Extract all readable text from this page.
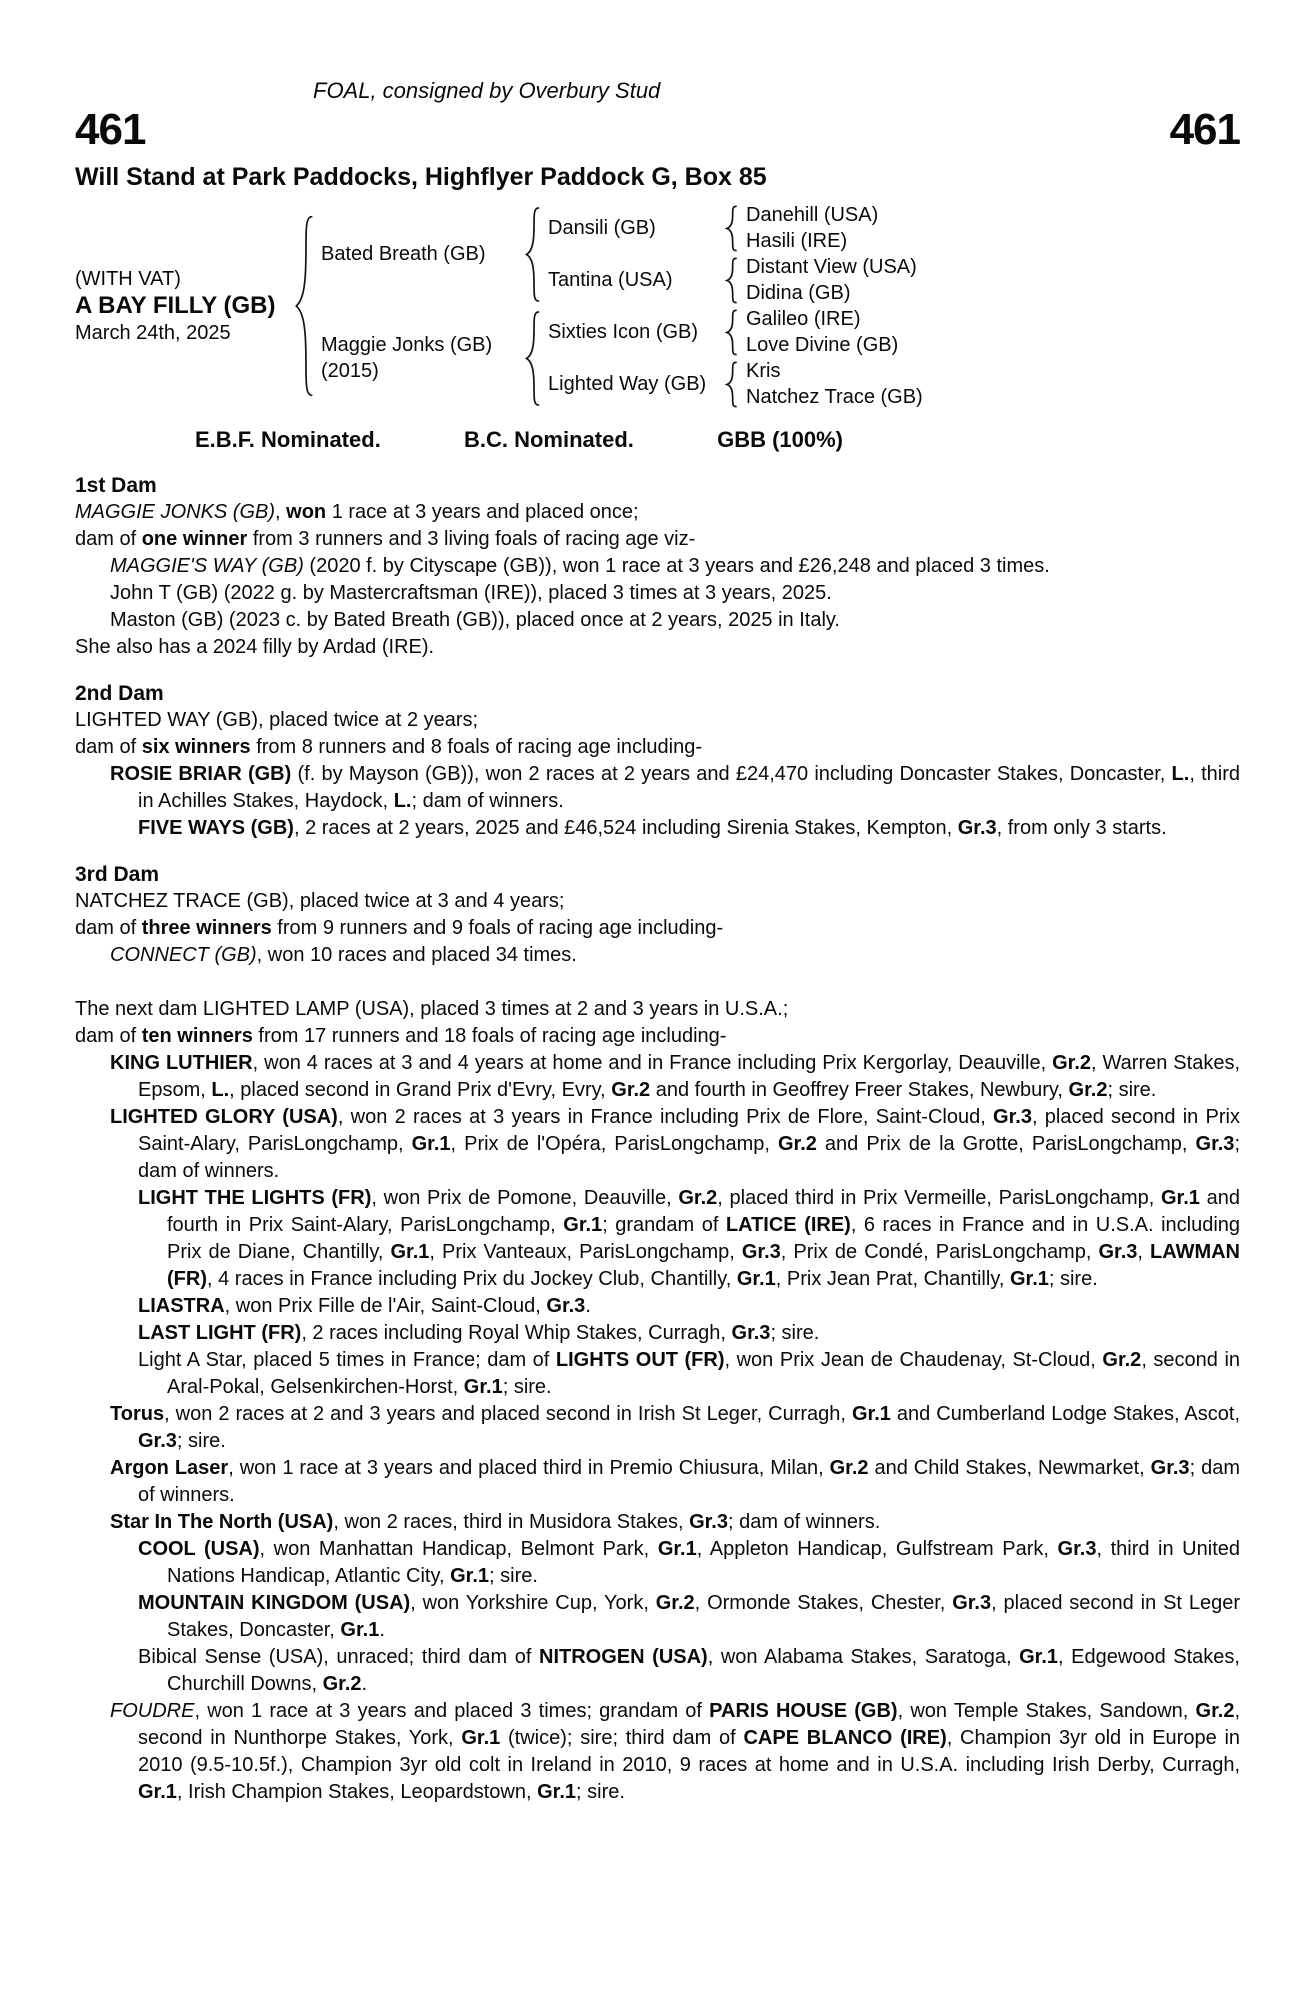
FOAL, consigned by Overbury Stud
461	461
Will Stand at Park Paddocks, Highflyer Paddock G, Box 85
(WITH VAT)
A BAY FILLY (GB)
March 24th, 2025
Bated Breath (GB)
Dansili (GB)
Danehill (USA)
Hasili (IRE)
Tantina (USA)
Distant View (USA)
Didina (GB)
Maggie Jonks (GB)
(2015)
Sixties Icon (GB)
Galileo (IRE)
Love Divine (GB)
Lighted Way (GB)
Kris
Natchez Trace (GB)
E.B.F. Nominated.	B.C. Nominated.	GBB (100%)
1st Dam

MAGGIE JONKS (GB), won 1 race at 3 years and placed once;

dam of one winner from 3 runners and 3 living foals of racing age viz-

MAGGIE'S WAY (GB) (2020 f. by Cityscape (GB)), won 1 race at 3 years and £26,248 and placed 3 times.

John T (GB) (2022 g. by Mastercraftsman (IRE)), placed 3 times at 3 years, 2025.

Maston (GB) (2023 c. by Bated Breath (GB)), placed once at 2 years, 2025 in Italy.

She also has a 2024 filly by Ardad (IRE).

2nd Dam

LIGHTED WAY (GB), placed twice at 2 years;

dam of six winners from 8 runners and 8 foals of racing age including-

ROSIE BRIAR (GB) (f. by Mayson (GB)), won 2 races at 2 years and £24,470 including Doncaster Stakes, Doncaster, L., third in Achilles Stakes, Haydock, L.; dam of winners.

FIVE WAYS (GB), 2 races at 2 years, 2025 and £46,524 including Sirenia Stakes, Kempton, Gr.3, from only 3 starts.

3rd Dam

NATCHEZ TRACE (GB), placed twice at 3 and 4 years;

dam of three winners from 9 runners and 9 foals of racing age including-

CONNECT (GB), won 10 races and placed 34 times.

The next dam LIGHTED LAMP (USA), placed 3 times at 2 and 3 years in U.S.A.;

dam of ten winners from 17 runners and 18 foals of racing age including-

KING LUTHIER, won 4 races at 3 and 4 years at home and in France including Prix Kergorlay, Deauville, Gr.2, Warren Stakes, Epsom, L., placed second in Grand Prix d'Evry, Evry, Gr.2 and fourth in Geoffrey Freer Stakes, Newbury, Gr.2; sire.

LIGHTED GLORY (USA), won 2 races at 3 years in France including Prix de Flore, Saint-Cloud, Gr.3, placed second in Prix Saint-Alary, ParisLongchamp, Gr.1, Prix de l'Opéra, ParisLongchamp, Gr.2 and Prix de la Grotte, ParisLongchamp, Gr.3; dam of winners.

LIGHT THE LIGHTS (FR), won Prix de Pomone, Deauville, Gr.2, placed third in Prix Vermeille, ParisLongchamp, Gr.1 and fourth in Prix Saint-Alary, ParisLongchamp, Gr.1; grandam of LATICE (IRE), 6 races in France and in U.S.A. including Prix de Diane, Chantilly, Gr.1, Prix Vanteaux, ParisLongchamp, Gr.3, Prix de Condé, ParisLongchamp, Gr.3, LAWMAN (FR), 4 races in France including Prix du Jockey Club, Chantilly, Gr.1, Prix Jean Prat, Chantilly, Gr.1; sire.

LIASTRA, won Prix Fille de l'Air, Saint-Cloud, Gr.3.

LAST LIGHT (FR), 2 races including Royal Whip Stakes, Curragh, Gr.3; sire.

Light A Star, placed 5 times in France; dam of LIGHTS OUT (FR), won Prix Jean de Chaudenay, St-Cloud, Gr.2, second in Aral-Pokal, Gelsenkirchen-Horst, Gr.1; sire.

Torus, won 2 races at 2 and 3 years and placed second in Irish St Leger, Curragh, Gr.1 and Cumberland Lodge Stakes, Ascot, Gr.3; sire.

Argon Laser, won 1 race at 3 years and placed third in Premio Chiusura, Milan, Gr.2 and Child Stakes, Newmarket, Gr.3; dam of winners.

Star In The North (USA), won 2 races, third in Musidora Stakes, Gr.3; dam of winners.

COOL (USA), won Manhattan Handicap, Belmont Park, Gr.1, Appleton Handicap, Gulfstream Park, Gr.3, third in United Nations Handicap, Atlantic City, Gr.1; sire.

MOUNTAIN KINGDOM (USA), won Yorkshire Cup, York, Gr.2, Ormonde Stakes, Chester, Gr.3, placed second in St Leger Stakes, Doncaster, Gr.1.

Bibical Sense (USA), unraced; third dam of NITROGEN (USA), won Alabama Stakes, Saratoga, Gr.1, Edgewood Stakes, Churchill Downs, Gr.2.

FOUDRE, won 1 race at 3 years and placed 3 times; grandam of PARIS HOUSE (GB), won Temple Stakes, Sandown, Gr.2, second in Nunthorpe Stakes, York, Gr.1 (twice); sire; third dam of CAPE BLANCO (IRE), Champion 3yr old in Europe in 2010 (9.5-10.5f.), Champion 3yr old colt in Ireland in 2010, 9 races at home and in U.S.A. including Irish Derby, Curragh, Gr.1, Irish Champion Stakes, Leopardstown, Gr.1; sire.
